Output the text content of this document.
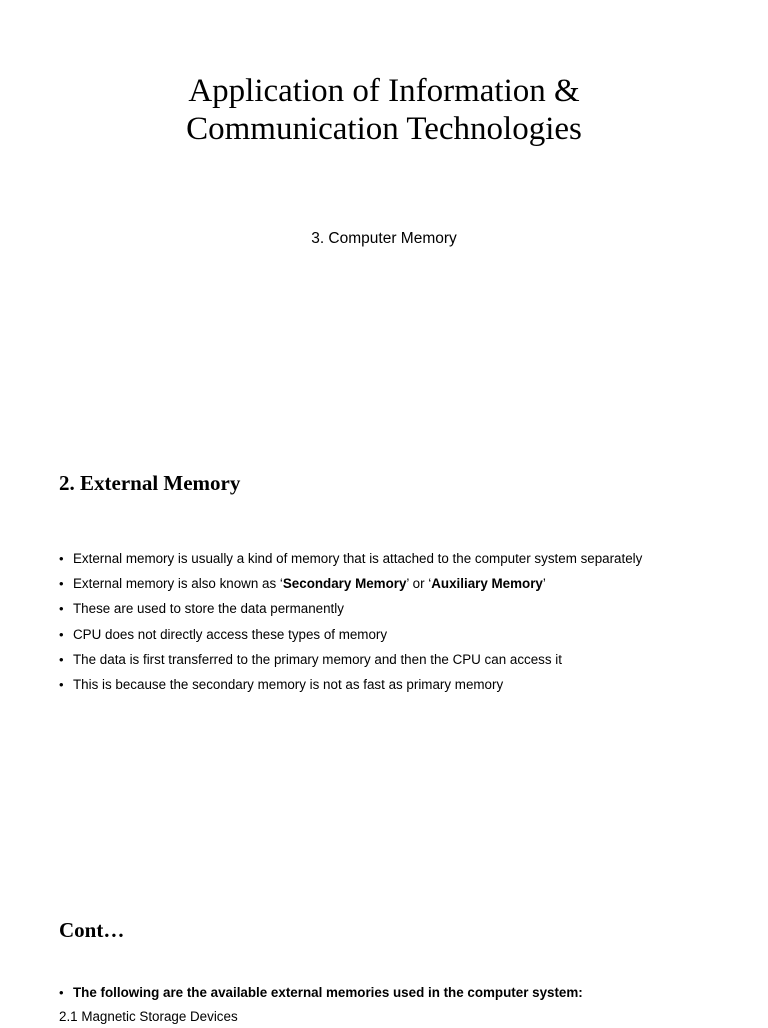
Application of Information &
Communication Technologies
3. Computer Memory
2. External Memory
• External memory is usually a kind of memory that is attached to the computer system separately
• External memory is also known as ‘Secondary Memory’ or ‘Auxiliary Memory’
• These are used to store the data permanently
• CPU does not directly access these types of memory
• The data is first transferred to the primary memory and then the CPU can access it
• This is because the secondary memory is not as fast as primary memory
Cont…
• The following are the available external memories used in the computer system:
2.1 Magnetic Storage Devices
